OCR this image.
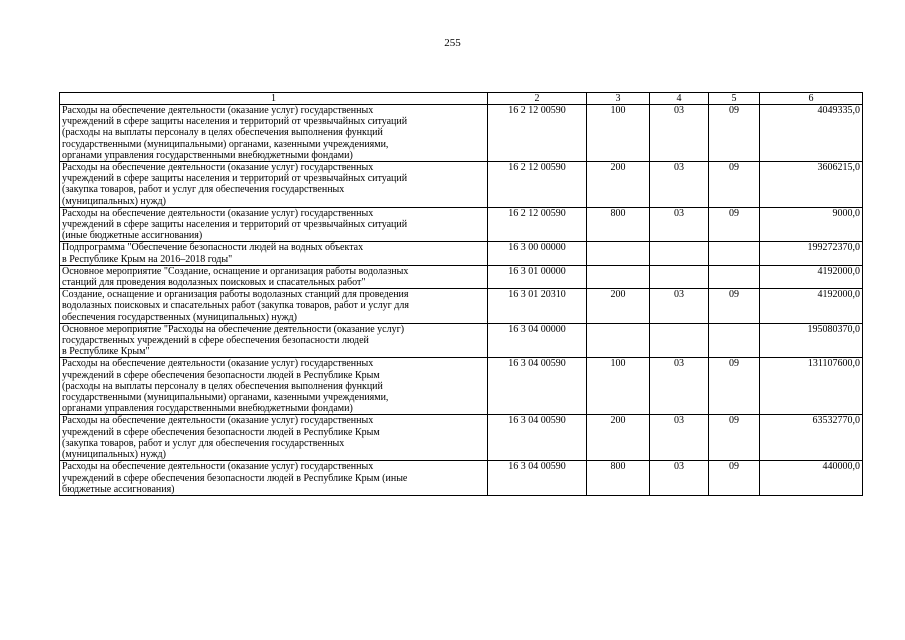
255
1	2	3	4	5	6
Расходы на обеспечение деятельности (оказание услуг) государственных
учреждений в сфере защиты населения и территорий от чрезвычайных ситуаций
(расходы на выплаты персоналу в целях обеспечения выполнения функций
государственными (муниципальными) органами, казенными учреждениями,
органами управления государственными внебюджетными фондами)	16 2 12 00590	100	03	09	4049335,0
Расходы на обеспечение деятельности (оказание услуг) государственных
учреждений в сфере защиты населения и территорий от чрезвычайных ситуаций
(закупка товаров, работ и услуг для обеспечения государственных
(муниципальных) нужд)	16 2 12 00590	200	03	09	3606215,0
Расходы на обеспечение деятельности (оказание услуг) государственных
учреждений в сфере защиты населения и территорий от чрезвычайных ситуаций
(иные бюджетные ассигнования)	16 2 12 00590	800	03	09	9000,0
Подпрограмма "Обеспечение безопасности людей на водных объектах
в Республике Крым на 2016–2018 годы"	16 3 00 00000				199272370,0
Основное мероприятие "Создание, оснащение и организация работы водолазных
станций для проведения водолазных поисковых и спасательных работ"	16 3 01 00000				4192000,0
Создание, оснащение и организация работы водолазных станций для проведения
водолазных поисковых и спасательных работ (закупка товаров, работ и услуг для
обеспечения государственных (муниципальных) нужд)	16 3 01 20310	200	03	09	4192000,0
Основное мероприятие "Расходы на обеспечение деятельности (оказание услуг)
государственных учреждений в сфере обеспечения безопасности людей
в Республике Крым"	16 3 04 00000				195080370,0
Расходы на обеспечение деятельности (оказание услуг) государственных
учреждений в сфере обеспечения безопасности людей в Республике Крым
(расходы на выплаты персоналу в целях обеспечения выполнения функций
государственными (муниципальными) органами, казенными учреждениями,
органами управления государственными внебюджетными фондами)	16 3 04 00590	100	03	09	131107600,0
Расходы на обеспечение деятельности (оказание услуг) государственных
учреждений в сфере обеспечения безопасности людей в Республике Крым
(закупка товаров, работ и услуг для обеспечения государственных
(муниципальных) нужд)	16 3 04 00590	200	03	09	63532770,0
Расходы на обеспечение деятельности (оказание услуг) государственных
учреждений в сфере обеспечения безопасности людей в Республике Крым (иные
бюджетные ассигнования)	16 3 04 00590	800	03	09	440000,0
